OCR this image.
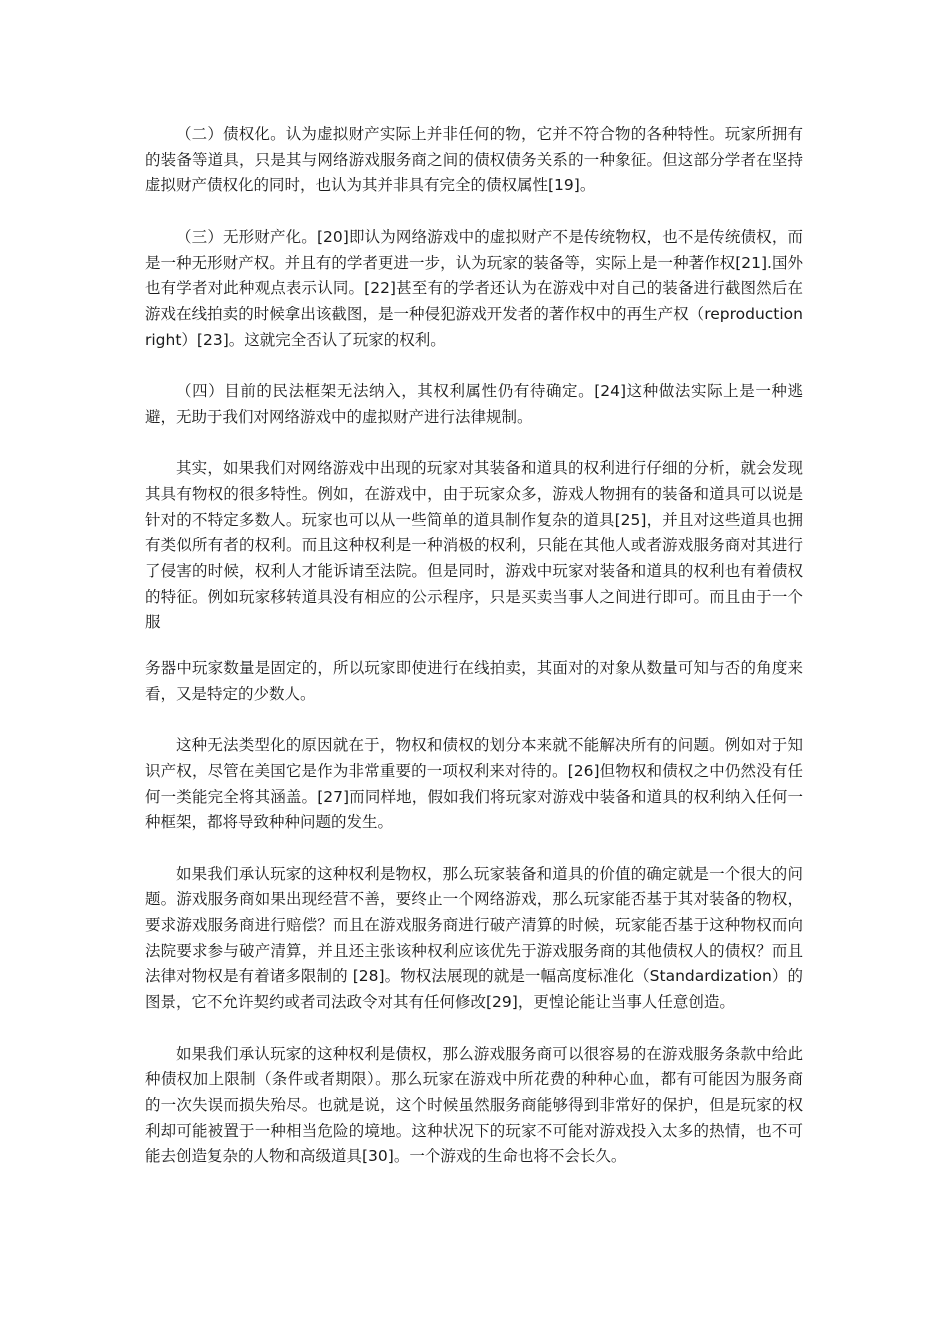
（二）债权化。认为虚拟财产实际上并非任何的物，它并不符合物的各种特性。玩家所拥有的装备等道具，只是其与网络游戏服务商之间的债权债务关系的一种象征。但这部分学者在坚持虚拟财产债权化的同时，也认为其并非具有完全的债权属性[19]。

（三）无形财产化。[20]即认为网络游戏中的虚拟财产不是传统物权，也不是传统债权，而是一种无形财产权。并且有的学者更进一步，认为玩家的装备等，实际上是一种著作权[21].国外也有学者对此种观点表示认同。[22]甚至有的学者还认为在游戏中对自己的装备进行截图然后在游戏在线拍卖的时候拿出该截图，是一种侵犯游戏开发者的著作权中的再生产权（reproduction right）[23]。这就完全否认了玩家的权利。

（四）目前的民法框架无法纳入，其权利属性仍有待确定。[24]这种做法实际上是一种逃避，无助于我们对网络游戏中的虚拟财产进行法律规制。

其实，如果我们对网络游戏中出现的玩家对其装备和道具的权利进行仔细的分析，就会发现其具有物权的很多特性。例如，在游戏中，由于玩家众多，游戏人物拥有的装备和道具可以说是针对的不特定多数人。玩家也可以从一些简单的道具制作复杂的道具[25]，并且对这些道具也拥有类似所有者的权利。而且这种权利是一种消极的权利，只能在其他人或者游戏服务商对其进行了侵害的时候，权利人才能诉请至法院。但是同时，游戏中玩家对装备和道具的权利也有着债权的特征。例如玩家移转道具没有相应的公示程序，只是买卖当事人之间进行即可。而且由于一个服

务器中玩家数量是固定的，所以玩家即使进行在线拍卖，其面对的对象从数量可知与否的角度来看，又是特定的少数人。

这种无法类型化的原因就在于，物权和债权的划分本来就不能解决所有的问题。例如对于知识产权，尽管在美国它是作为非常重要的一项权利来对待的。[26]但物权和债权之中仍然没有任何一类能完全将其涵盖。[27]而同样地，假如我们将玩家对游戏中装备和道具的权利纳入任何一种框架，都将导致种种问题的发生。

如果我们承认玩家的这种权利是物权，那么玩家装备和道具的价值的确定就是一个很大的问题。游戏服务商如果出现经营不善，要终止一个网络游戏，那么玩家能否基于其对装备的物权，要求游戏服务商进行赔偿？而且在游戏服务商进行破产清算的时候，玩家能否基于这种物权而向法院要求参与破产清算，并且还主张该种权利应该优先于游戏服务商的其他债权人的债权？而且法律对物权是有着诸多限制的 [28]。物权法展现的就是一幅高度标准化（Standardization）的图景，它不允许契约或者司法政令对其有任何修改[29]，更惶论能让当事人任意创造。

如果我们承认玩家的这种权利是债权，那么游戏服务商可以很容易的在游戏服务条款中给此种债权加上限制（条件或者期限）。那么玩家在游戏中所花费的种种心血，都有可能因为服务商的一次失误而损失殆尽。也就是说，这个时候虽然服务商能够得到非常好的保护，但是玩家的权利却可能被置于一种相当危险的境地。这种状况下的玩家不可能对游戏投入太多的热情，也不可能去创造复杂的人物和高级道具[30]。一个游戏的生命也将不会长久。
